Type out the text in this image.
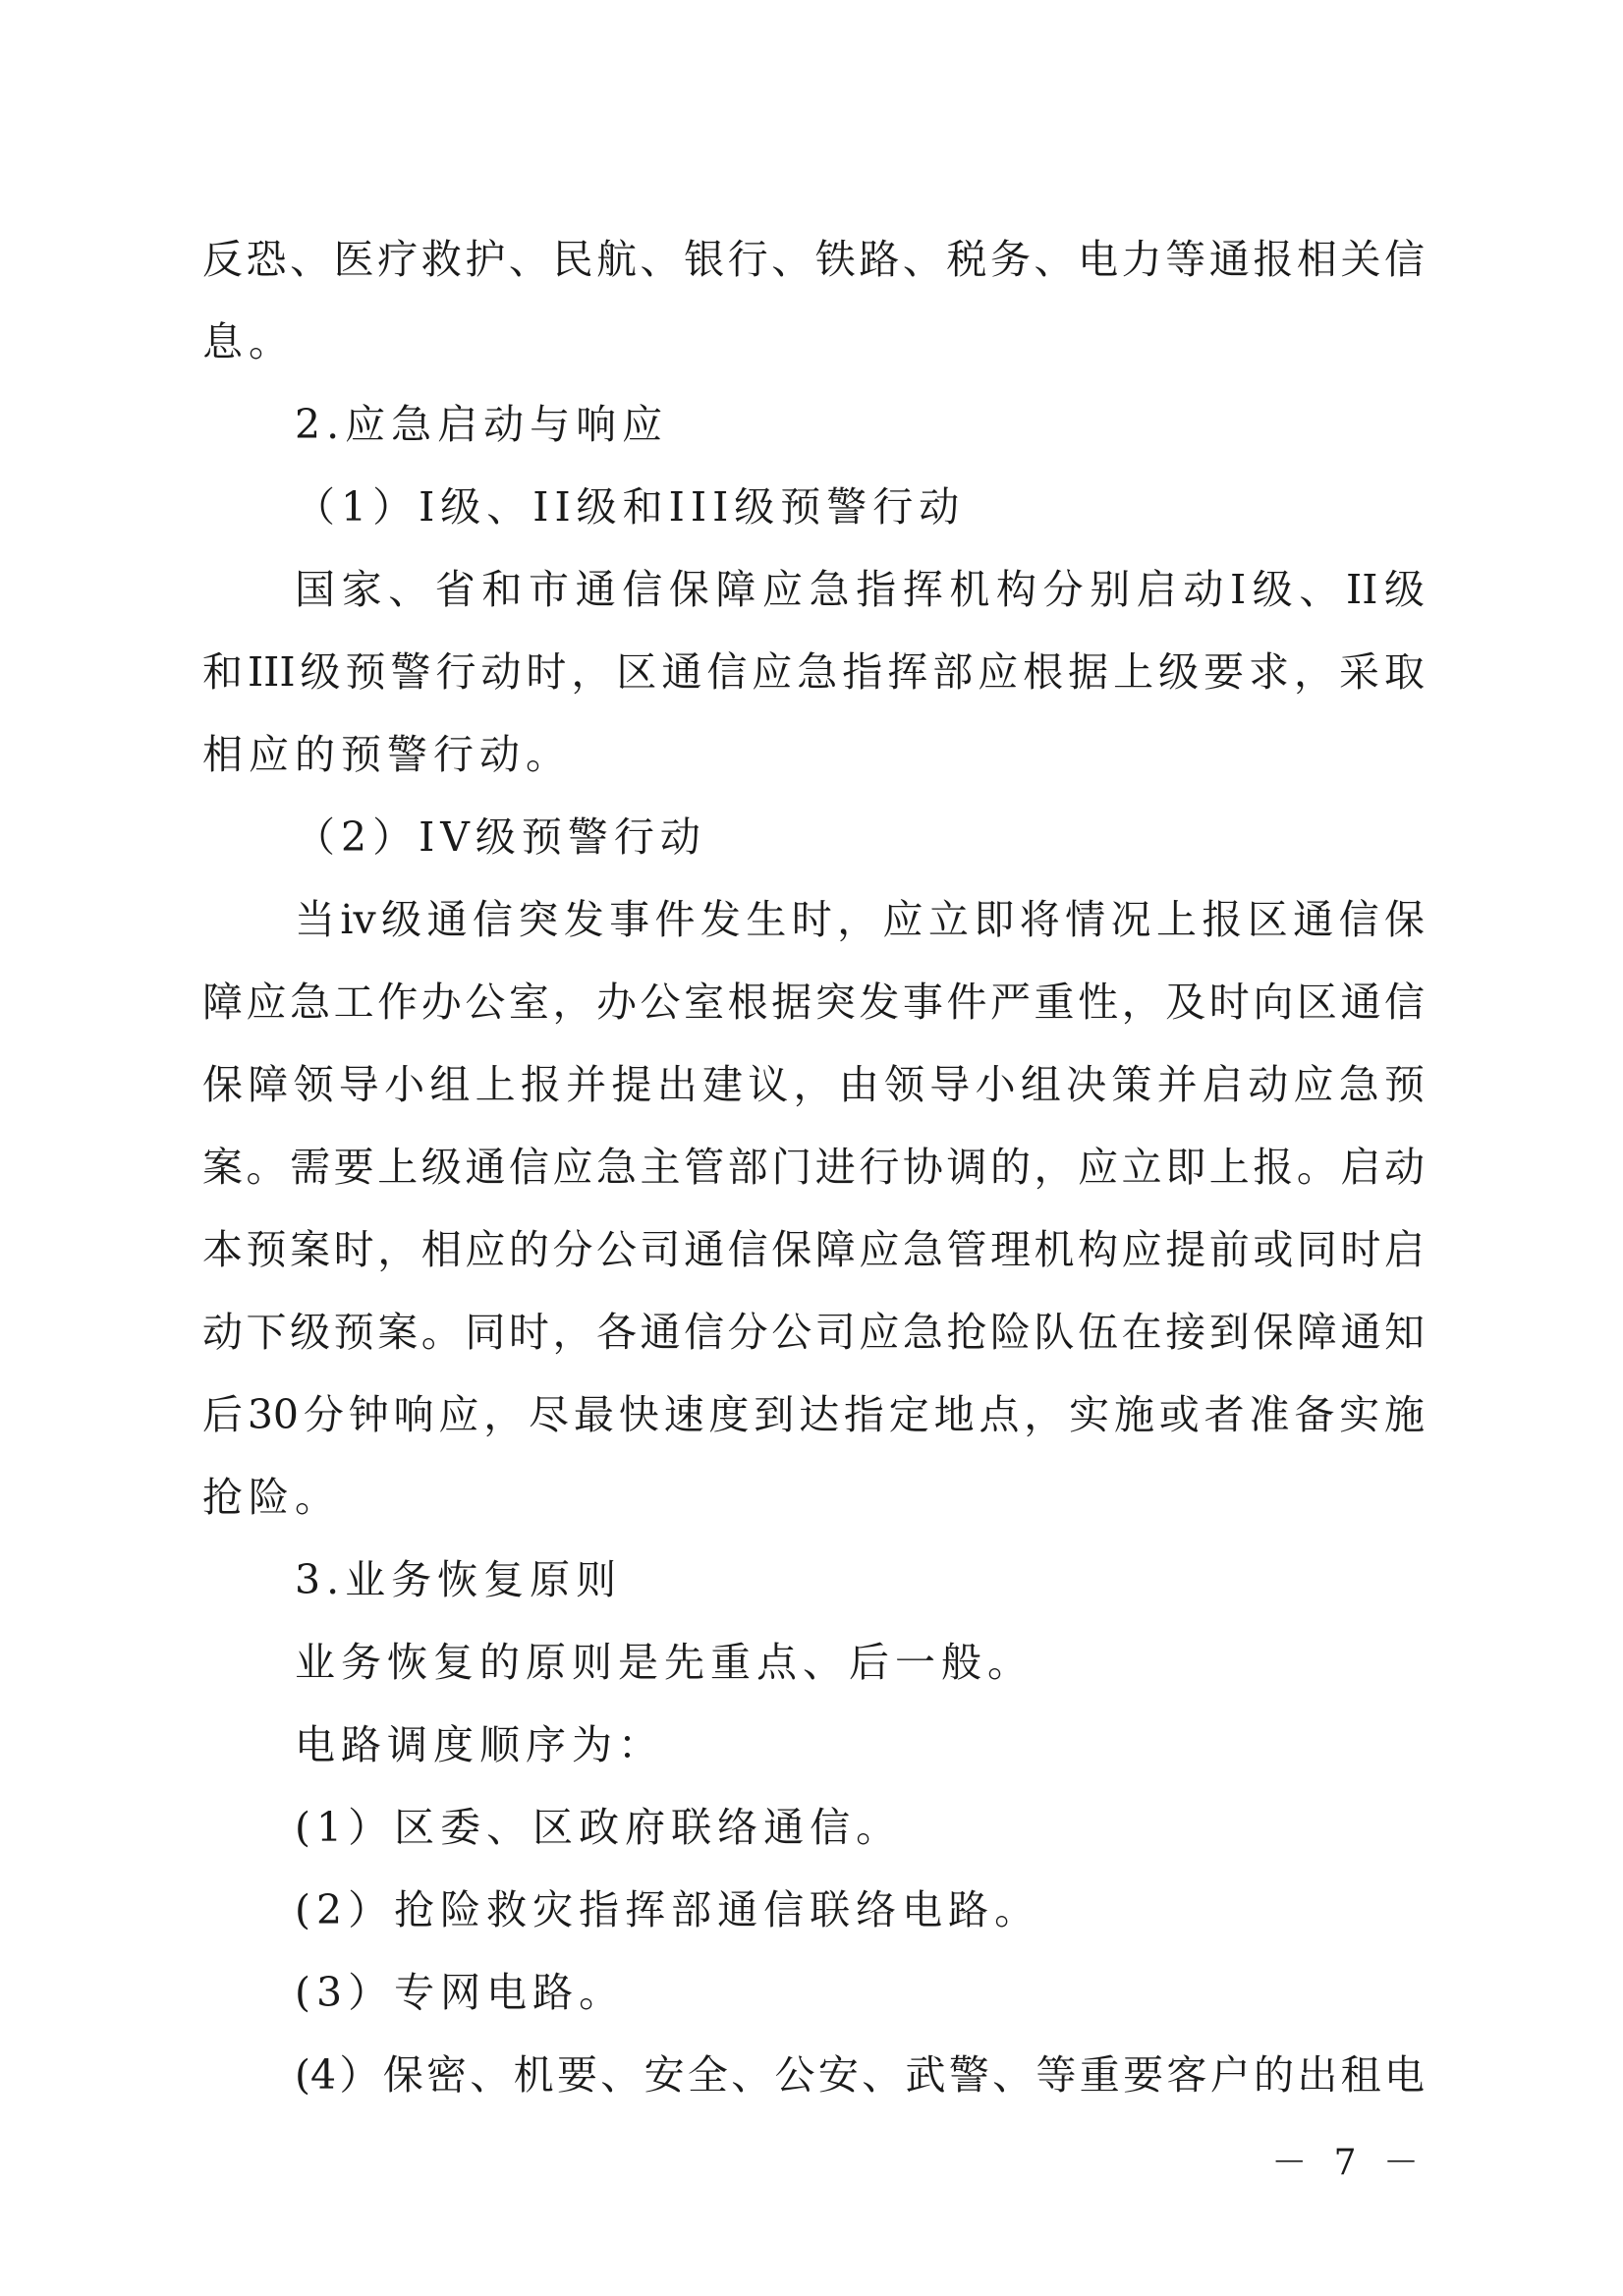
反恐、医疗救护、民航、银行、铁路、税务、电力等通报相关信
息。
2.应急启动与响应
（1）I级、II级和III级预警行动
国家、省和市通信保障应急指挥机构分别启动I级、II级
和III级预警行动时，区通信应急指挥部应根据上级要求，采取
相应的预警行动。
（2）IV级预警行动
当iv级通信突发事件发生时，应立即将情况上报区通信保
障应急工作办公室，办公室根据突发事件严重性，及时向区通信
保障领导小组上报并提出建议，由领导小组决策并启动应急预
案。需要上级通信应急主管部门进行协调的，应立即上报。启动
本预案时，相应的分公司通信保障应急管理机构应提前或同时启
动下级预案。同时，各通信分公司应急抢险队伍在接到保障通知
后30分钟响应，尽最快速度到达指定地点，实施或者准备实施
抢险。
3.业务恢复原则
业务恢复的原则是先重点、后一般。
电路调度顺序为：
(1）区委、区政府联络通信。
(2）抢险救灾指挥部通信联络电路。
(3）专网电路。
(4）保密、机要、安全、公安、武警、等重要客户的出租电
－ 7 －
